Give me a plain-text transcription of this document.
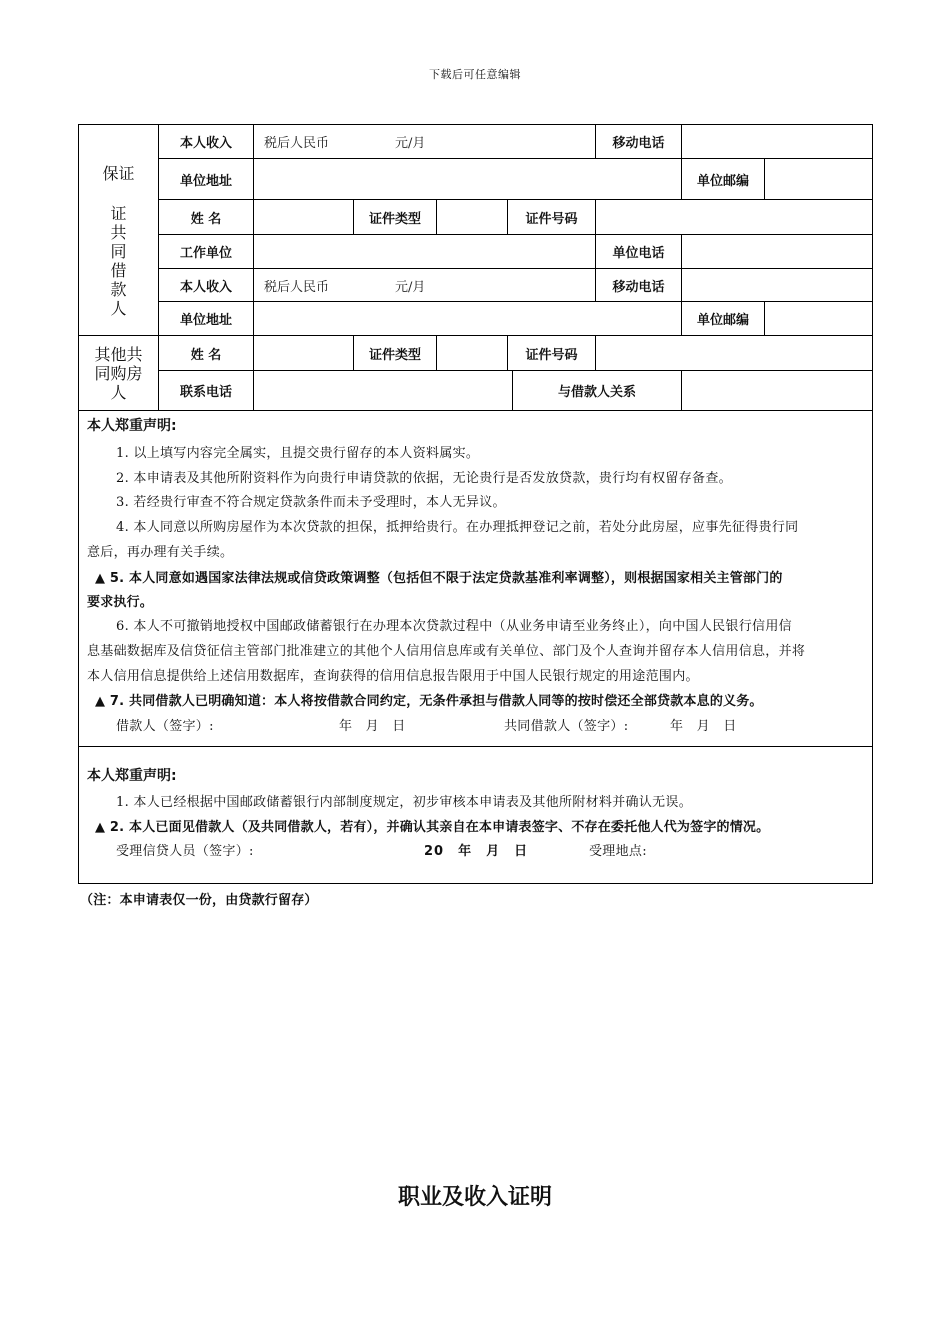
下载后可任意编辑
保证
本人收入	税后人民币	元/月	移动电话
单位地址	单位邮编
证
共
同
借
款
人
姓 名	证件类型	证件号码
工作单位	单位电话
本人收入	税后人民币	元/月	移动电话
单位地址	单位邮编
其他共
同购房
人
姓 名	证件类型	证件号码
联系电话	与借款人关系
本人郑重声明:
1. 以上填写内容完全属实，且提交贵行留存的本人资料属实。
2. 本申请表及其他所附资料作为向贵行申请贷款的依据，无论贵行是否发放贷款，贵行均有权留存备查。
3. 若经贵行审查不符合规定贷款条件而未予受理时，本人无异议。
4. 本人同意以所购房屋作为本次贷款的担保，抵押给贵行。在办理抵押登记之前，若处分此房屋，应事先征得贵行同
意后，再办理有关手续。
▲ 5. 本人同意如遇国家法律法规或信贷政策调整（包括但不限于法定贷款基准利率调整），则根据国家相关主管部门的
要求执行。
6. 本人不可撤销地授权中国邮政储蓄银行在办理本次贷款过程中（从业务申请至业务终止），向中国人民银行信用信
息基础数据库及信贷征信主管部门批准建立的其他个人信用信息库或有关单位、部门及个人查询并留存本人信用信息，并将
本人信用信息提供给上述信用数据库，查询获得的信用信息报告限用于中国人民银行规定的用途范围内。
▲ 7. 共同借款人已明确知道：本人将按借款合同约定，无条件承担与借款人同等的按时偿还全部贷款本息的义务。
借款人（签字）:	年　月　日	共同借款人（签字）:	年　月　日
本人郑重声明:
1. 本人已经根据中国邮政储蓄银行内部制度规定，初步审核本申请表及其他所附材料并确认无误。
▲ 2. 本人已面见借款人（及共同借款人，若有），并确认其亲自在本申请表签字、不存在委托他人代为签字的情况。
受理信贷人员（签字）:	20　年　月　日	受理地点:
（注：本申请表仅一份，由贷款行留存）
职业及收入证明
